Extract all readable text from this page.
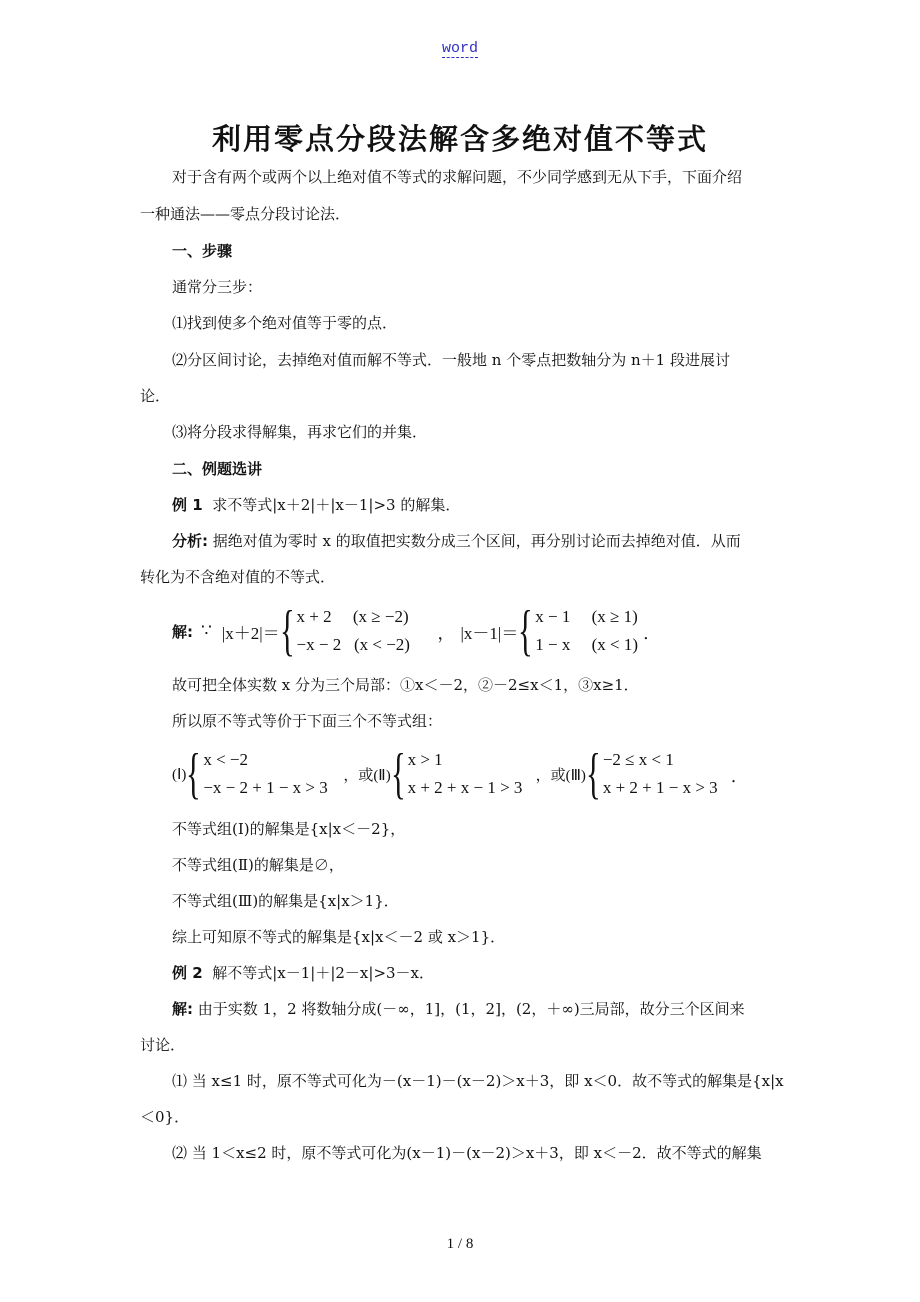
word
利用零点分段法解含多绝对值不等式
对于含有两个或两个以上绝对值不等式的求解问题，不少同学感到无从下手，下面介绍
一种通法——零点分段讨论法．
一、步骤
通常分三步：
⑴找到使多个绝对值等于零的点．
⑵分区间讨论，去掉绝对值而解不等式．一般地 n 个零点把数轴分为 n＋1 段进展讨
论．
⑶将分段求得解集，再求它们的并集．
二、例题选讲
例 1 求不等式|x＋2|＋|x－1|>3 的解集．
分析: 据绝对值为零时 x 的取值把实数分成三个区间，再分别讨论而去掉绝对值．从而
转化为不含绝对值的不等式．
解: ∵ |x＋2|＝ { x + 2     (x ≥ −2)
−x − 2   (x < −2)
， |x－1|＝ { x − 1     (x ≥ 1)
1 − x     (x < 1)
．
故可把全体实数 x 分为三个局部：①x＜－2，②－2≤x＜1，③x≥1．
所以原不等式等价于下面三个不等式组：
(Ⅰ) { x < −2
−x − 2 + 1 − x > 3
，或(Ⅱ) { x > 1
x + 2 + x − 1 > 3
，或(Ⅲ) { −2 ≤ x < 1
x + 2 + 1 − x > 3
．
不等式组(Ⅰ)的解集是{x|x＜－2}，
不等式组(Ⅱ)的解集是∅，
不等式组(Ⅲ)的解集是{x|x＞1}．
综上可知原不等式的解集是{x|x＜－2 或 x＞1}．
例 2 解不等式|x－1|＋|2－x|>3－x．
解: 由于实数 1，2 将数轴分成(－∞，1]，(1，2]，(2，＋∞)三局部，故分三个区间来
讨论．
⑴ 当 x≤1 时，原不等式可化为－(x－1)－(x－2)＞x＋3，即 x＜0．故不等式的解集是{x|x
＜0}．
⑵ 当 1＜x≤2 时，原不等式可化为(x－1)－(x－2)＞x＋3，即 x＜－2．故不等式的解集
1 / 8
